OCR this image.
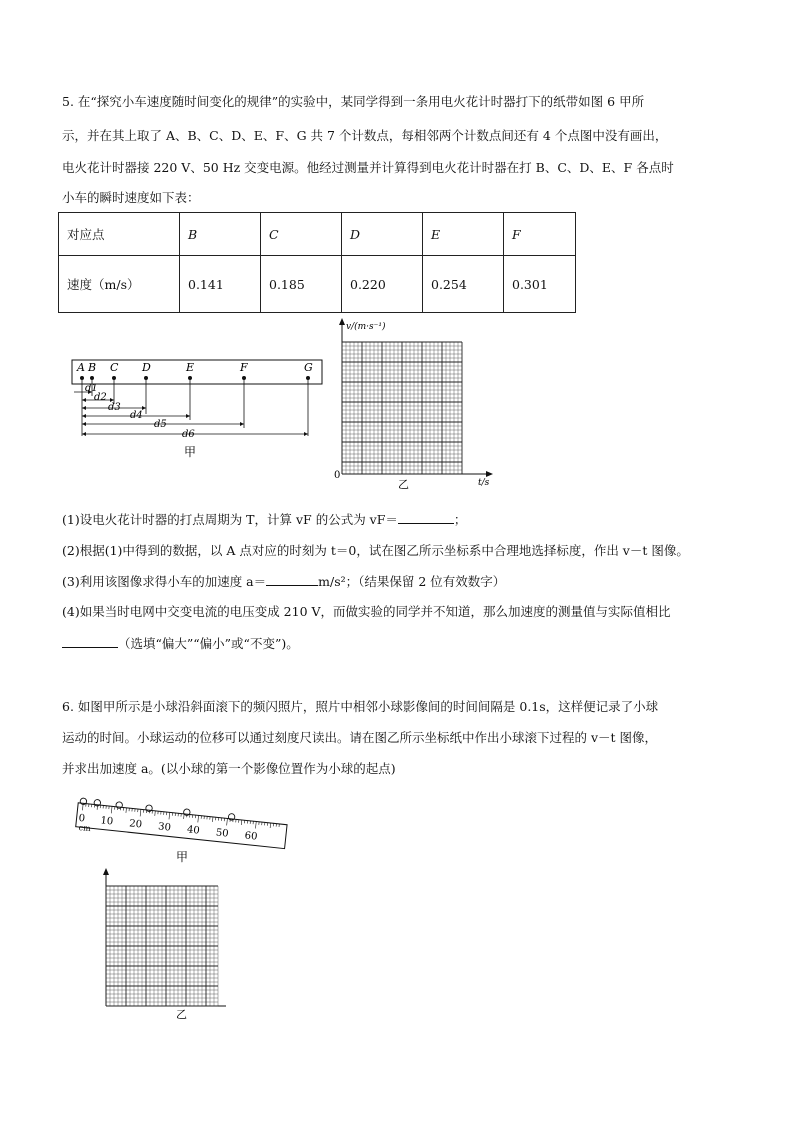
5. 在“探究小车速度随时间变化的规律”的实验中，某同学得到一条用电火花计时器打下的纸带如图 6 甲所
示，并在其上取了 A、B、C、D、E、F、G 共 7 个计数点，每相邻两个计数点间还有 4 个点图中没有画出，
电火花计时器接 220 V、50 Hz 交变电源。他经过测量并计算得到电火花计时器在打 B、C、D、E、F 各点时
小车的瞬时速度如下表：
对应点	B	C	D	E	F
速度（m/s）	0.141	0.185	0.220	0.254	0.301
A B C D	E	F	G
d1
d2
d3
d4
d5
d6
甲
v/(m·s⁻¹)
t/s
0
乙
(1)设电火花计时器的打点周期为 T，计算 vF 的公式为 vF＝	；
(2)根据(1)中得到的数据，以 A 点对应的时刻为 t＝0，试在图乙所示坐标系中合理地选择标度，作出 v－t 图像。
(3)利用该图像求得小车的加速度 a＝	m/s²；（结果保留 2 位有效数字）
(4)如果当时电网中交变电流的电压变成 210 V，而做实验的同学并不知道，那么加速度的测量值与实际值相比
（选填“偏大”“偏小”或“不变”)。
6. 如图甲所示是小球沿斜面滚下的频闪照片，照片中相邻小球影像间的时间间隔是 0.1s，这样便记录了小球
运动的时间。小球运动的位移可以通过刻度尺读出。请在图乙所示坐标纸中作出小球滚下过程的 v－t 图像，
并求出加速度 a。(以小球的第一个影像位置作为小球的起点)
0 10 20 30 40 50 60
cm
甲
乙
